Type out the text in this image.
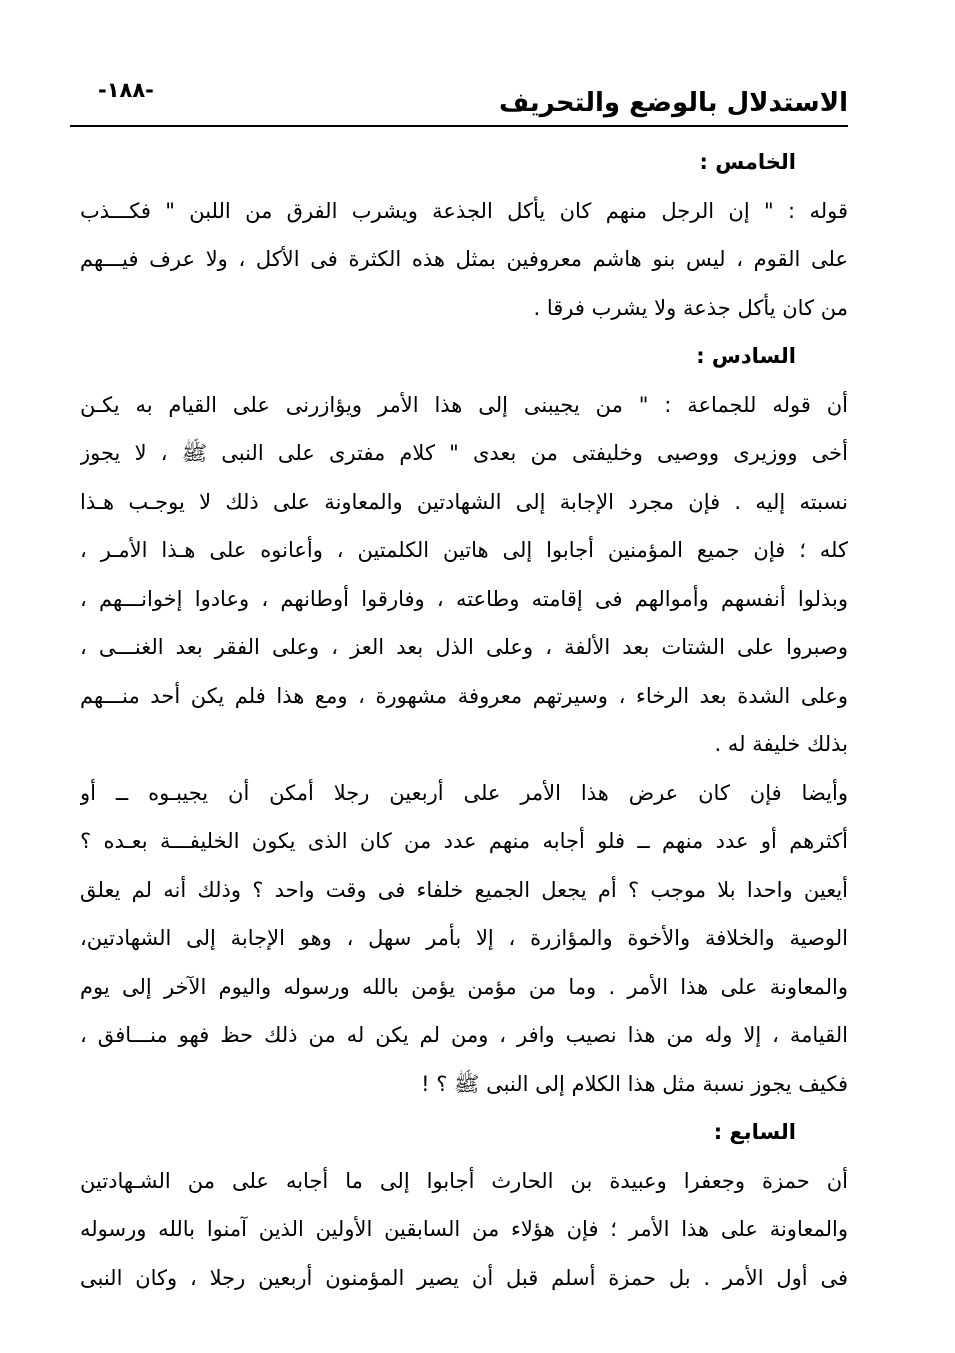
-١٨٨-	الاستدلال بالوضع والتحريف
الخامس :
قوله : " إن الرجل منهم كان يأكل الجذعة ويشرب الفرق من اللبن " فكـــذب
على القوم ، ليس بنو هاشم معروفين بمثل هذه الكثرة فى الأكل ، ولا عرف فيـــهم
من كان يأكل جذعة ولا يشرب فرقا .
السادس :
أن قوله للجماعة : " من يجيبنى إلى هذا الأمر ويؤازرنى على القيام به يكـن
أخى ووزيرى ووصيى وخليفتى من بعدى " كلام مفترى على النبى ﷺ ، لا يجوز
نسبته إليه . فإن مجرد الإجابة إلى الشهادتين والمعاونة على ذلك لا يوجـب هـذا
كله ؛ فإن جميع المؤمنين أجابوا إلى هاتين الكلمتين ، وأعانوه على هـذا الأمـر ،
وبذلوا أنفسهم وأموالهم فى إقامته وطاعته ، وفارقوا أوطانهم ، وعادوا إخوانـــهم ،
وصبروا على الشتات بعد الألفة ، وعلى الذل بعد العز ، وعلى الفقر بعد الغنـــى ،
وعلى الشدة بعد الرخاء ، وسيرتهم معروفة مشهورة ، ومع هذا فلم يكن أحد منـــهم
بذلك خليفة له .
وأيضا فإن كان عرض هذا الأمر على أربعين رجلا أمكن أن يجيبـوه ــ أو
أكثرهم أو عدد منهم ــ فلو أجابه منهم عدد من كان الذى يكون الخليفـــة بعـده ؟
أيعين واحدا بلا موجب ؟ أم يجعل الجميع خلفاء فى وقت واحد ؟ وذلك أنه لم يعلق
الوصية والخلافة والأخوة والمؤازرة ، إلا بأمر سهل ، وهو الإجابة إلى الشهادتين،
والمعاونة على هذا الأمر . وما من مؤمن يؤمن بالله ورسوله واليوم الآخر إلى يوم
القيامة ، إلا وله من هذا نصيب وافر ، ومن لم يكن له من ذلك حظ فهو منـــافق ،
فكيف يجوز نسبة مثل هذا الكلام إلى النبى ﷺ ؟ !
السابع :
أن حمزة وجعفرا وعبيدة بن الحارث أجابوا إلى ما أجابه على من الشـهادتين
والمعاونة على هذا الأمر ؛ فإن هؤلاء من السابقين الأولين الذين آمنوا بالله ورسوله
فى أول الأمر . بل حمزة أسلم قبل أن يصير المؤمنون أربعين رجلا ، وكان النبى
